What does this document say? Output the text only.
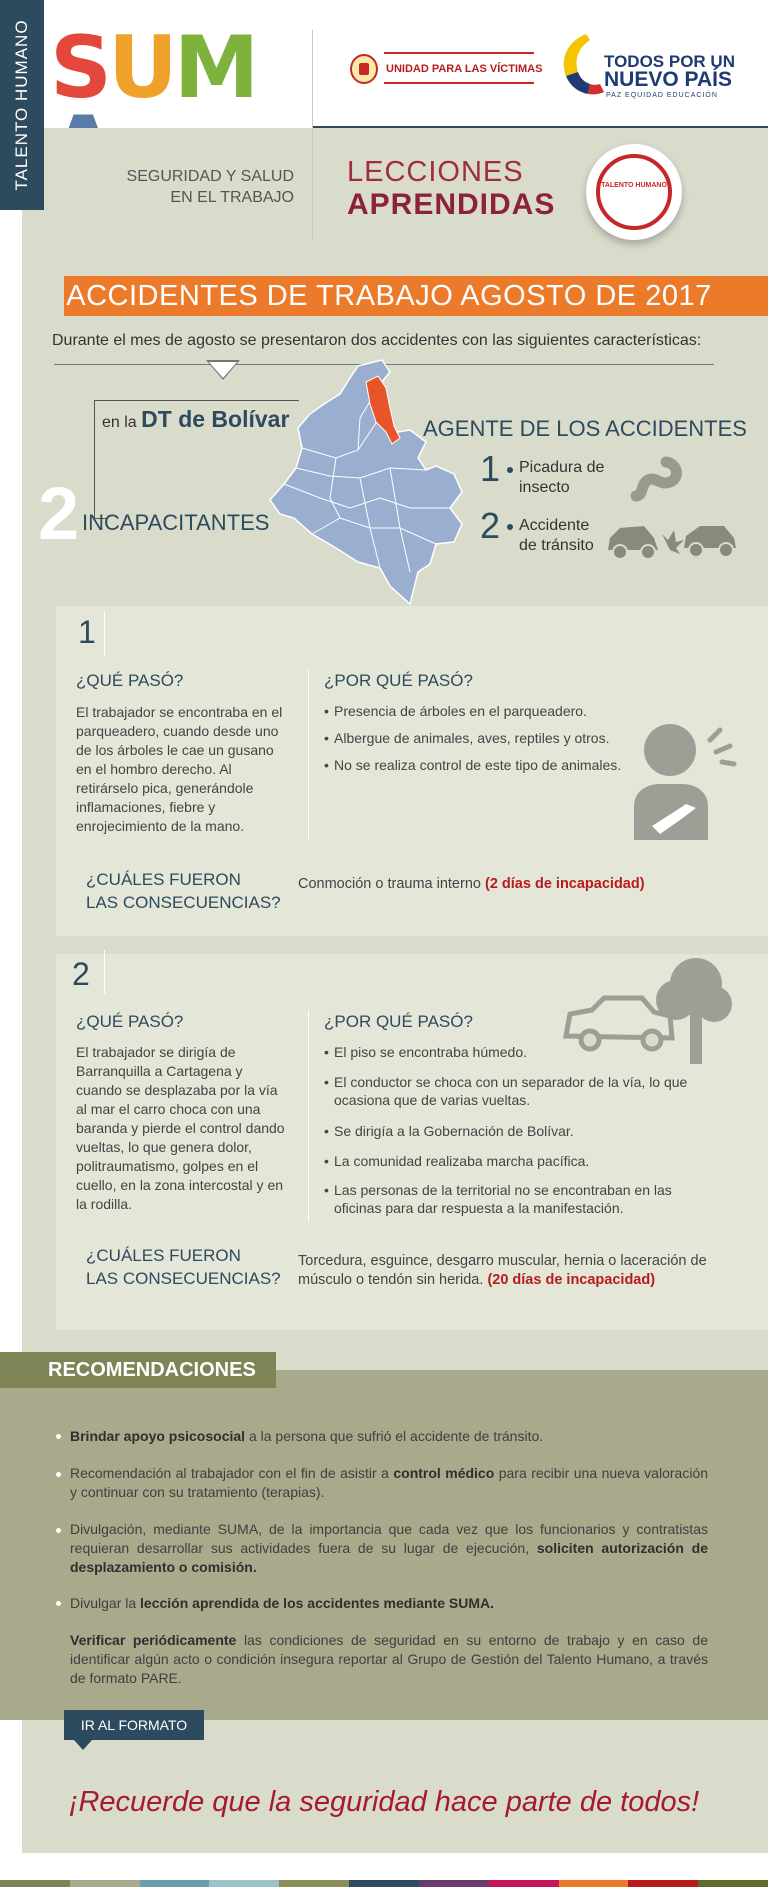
SUM	UNIDAD PARA LAS VÍCTIMAS	TODOS POR UN
NUEVO PAÍS
PAZ EQUIDAD EDUCACIÓN
TALENTO HUMANO	SEGURIDAD Y SALUD EN EL TRABAJO
LECCIONES
APRENDIDAS
TALENTO HUMANO
ACCIDENTES DE TRABAJO AGOSTO DE 2017
Durante el mes de agosto se presentaron dos accidentes con las siguientes características:
en la DT de Bolívar
2 INCAPACITANTES
AGENTE DE LOS ACCIDENTES
1 Picadura de insecto
2 Accidente de tránsito
1
¿QUÉ PASÓ?
El trabajador se encontraba en el parqueadero, cuando desde uno de los árboles le cae un gusano en el hombro derecho. Al retirárselo pica, generándole inflamaciones, fiebre y enrojecimiento de la mano.
¿POR QUÉ PASÓ?
• Presencia de árboles en el parqueadero.
• Albergue de animales, aves, reptiles y otros.
• No se realiza control de este tipo de animales.
¿CUÁLES FUERON
LAS CONSECUENCIAS?
Conmoción o trauma interno (2 días de incapacidad)
2
¿QUÉ PASÓ?
El trabajador se dirigía de Barranquilla a Cartagena y cuando se desplazaba por la vía al mar el carro choca con una baranda y pierde el control dando vueltas, lo que genera dolor, politraumatismo, golpes en el cuello, en la zona intercostal y en la rodilla.
¿POR QUÉ PASÓ?
• El piso se encontraba húmedo.
• El conductor se choca con un separador de la vía, lo que ocasiona que de varias vueltas.
• Se dirigía a la Gobernación de Bolívar.
• La comunidad realizaba marcha pacífica.
• Las personas de la territorial no se encontraban en las oficinas para dar respuesta a la manifestación.
¿CUÁLES FUERON
LAS CONSECUENCIAS?
Torcedura, esguince, desgarro muscular, hernia o laceración de músculo o tendón sin herida. (20 días de incapacidad)
RECOMENDACIONES
Brindar apoyo psicosocial a la persona que sufrió el accidente de tránsito.
Recomendación al trabajador con el fin de asistir a control médico para recibir una nueva valoración y continuar con su tratamiento (terapias).
Divulgación, mediante SUMA, de la importancia que cada vez que los funcionarios y contratistas requieran desarrollar sus actividades fuera de su lugar de ejecución, soliciten autorización de desplazamiento o comisión.
Divulgar la lección aprendida de los accidentes mediante SUMA.
Verificar periódicamente las condiciones de seguridad en su entorno de trabajo y en caso de identificar algún acto o condición insegura reportar al Grupo de Gestión del Talento Humano, a través de formato PARE.
IR AL FORMATO
¡Recuerde que la seguridad hace parte de todos!
